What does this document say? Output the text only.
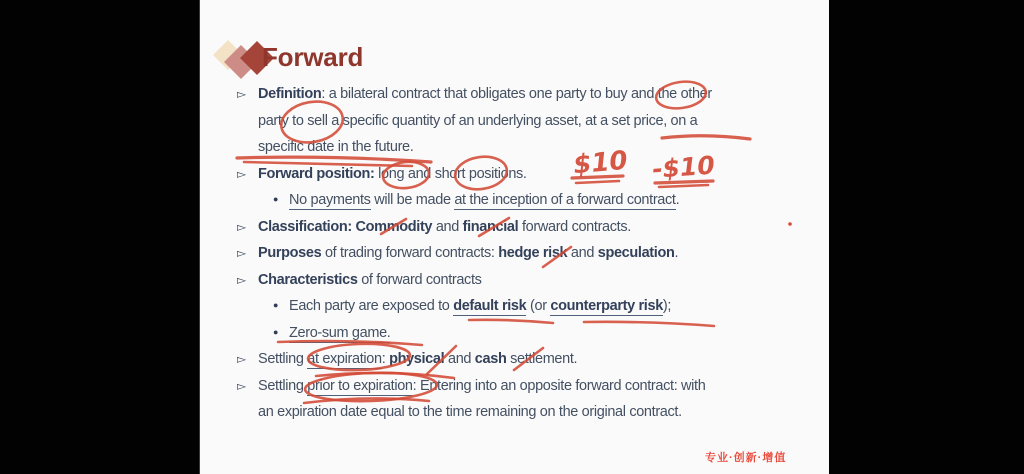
Forward
▻ Definition: a bilateral contract that obligates one party to buy and the other
party to sell a specific quantity of an underlying asset, at a set price, on a
specific date in the future.
▻ Forward position: long and short positions.
● No payments will be made at the inception of a forward contract.
▻ Classification: Commodity and financial forward contracts.
▻ Purposes of trading forward contracts: hedge risk and speculation.
▻ Characteristics of forward contracts
● Each party are exposed to default risk (or counterparty risk);
● Zero-sum game.
▻ Settling at expiration: physical and cash settlement.
▻ Settling prior to expiration: Entering into an opposite forward contract: with
an expiration date equal to the time remaining on the original contract.
$10 -$10
专业·创新·增值
